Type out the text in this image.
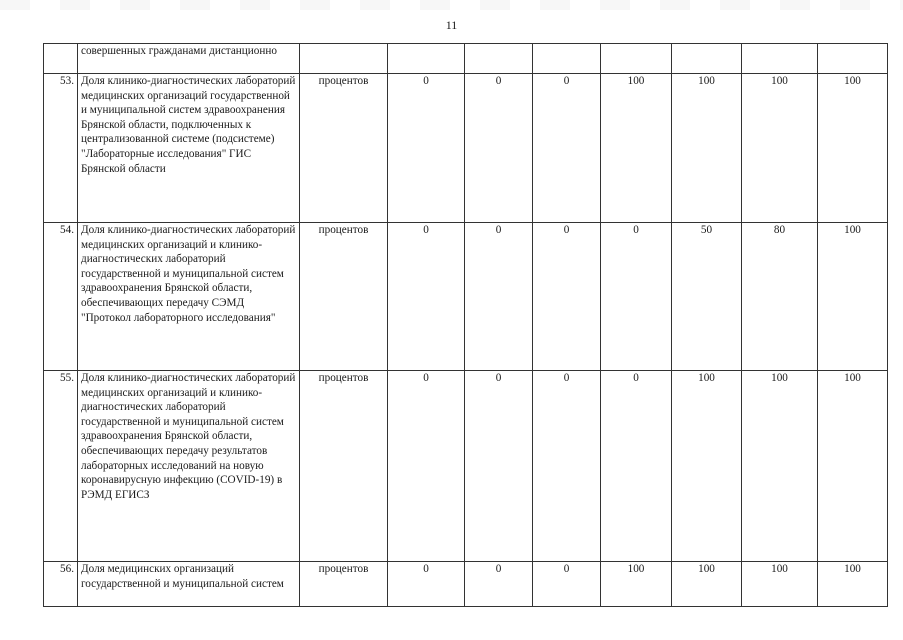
11
	совершенных гражданами дистанционно								
53.	Доля клинико-диагностических лабораторий медицинских организаций государственной и муниципальной систем здравоохранения Брянской области, подключенных к централизованной системе (подсистеме) "Лабораторные исследования" ГИС Брянской области	процентов	0	0	0	100	100	100	100
54.	Доля клинико-диагностических лабораторий медицинских организаций и клинико-диагностических лабораторий государственной и муниципальной систем здравоохранения Брянской области, обеспечивающих передачу СЭМД "Протокол лабораторного исследования"	процентов	0	0	0	0	50	80	100
55.	Доля клинико-диагностических лабораторий медицинских организаций и клинико-диагностических лабораторий государственной и муниципальной систем здравоохранения Брянской области, обеспечивающих передачу результатов лабораторных исследований на новую коронавирусную инфекцию (COVID-19) в РЭМД ЕГИСЗ	процентов	0	0	0	0	100	100	100
56.	Доля медицинских организаций государственной и муниципальной систем	процентов	0	0	0	100	100	100	100
